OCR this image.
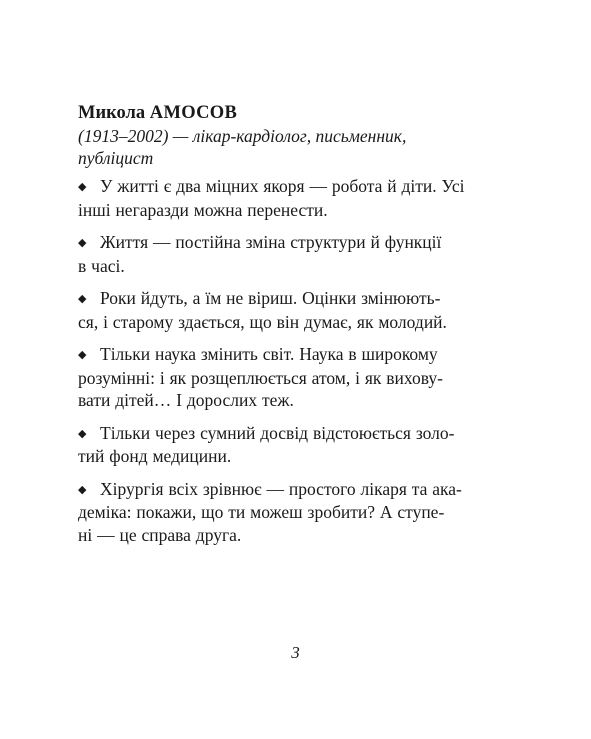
Микола АМОСОВ

(1913–2002) — лікар-кардіолог, письменник,
публіцист

◆ У житті є два міцних якоря — робота й діти. Усі
інші негаразди можна перенести.
◆ Життя — постійна зміна структури й функції
в часі.
◆ Роки йдуть, а їм не віриш. Оцінки змінюють-
ся, і старому здається, що він думає, як молодий.
◆ Тільки наука змінить світ. Наука в широкому
розумінні: і як розщеплюється атом, і як вихову-
вати дітей… І дорослих теж.
◆ Тільки через сумний досвід відстоюється золо-
тий фонд медицини.
◆ Хірургія всіх зрівнює — простого лікаря та ака-
деміка: покажи, що ти можеш зробити? А ступе-
ні — це справа друга.
3
